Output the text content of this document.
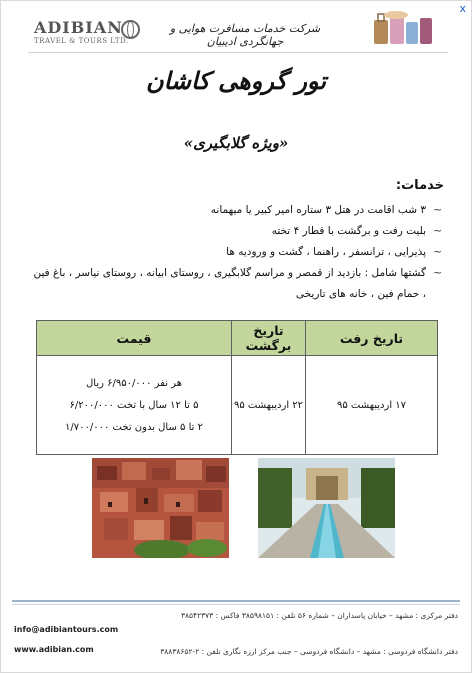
x
ADIBIAN
TRAVEL & TOURS LTD.
شرکت خدمات مسافرت هوایی و جهانگردی ادیبیان
تور گروهی کاشان
«ویژه گلابگیری»
خدمات:
~ ۳ شب اقامت در هتل ۳ ستاره امیر کبیر یا میهمانه
~ بلیت رفت و برگشت با قطار ۴ تخته
~ پذیرایی ، ترانسفر ، راهنما ، گشت و ورودیه ها
~ گشتها شامل : بازدید از قمصر و مراسم گلابگیری ، روستای ابیانه ، روستای نیاسر ، باغ فین ، حمام فین ، خانه های تاریخی
تاریخ رفت	تاریخ برگشت	قیمت
۱۷ اردیبهشت ۹۵	۲۲ اردیبهشت ۹۵	هر نفر ۶/۹۵۰/۰۰۰ ریال
۵ تا ۱۲ سال با تخت ۶/۲۰۰/۰۰۰
۲ تا ۵ سال بدون تخت ۱/۷۰۰/۰۰۰
info@adibiantours.com
www.adibian.com
دفتر مرکزی : مشهد – خیابان پاسداران – شماره ۵۶ تلفن : ۳۸۵۹۸۱۵۱ فاکس : ۳۸۵۴۲۳۷۳
دفتر دانشگاه فردوسی : مشهد – دانشگاه فردوسی – جنب مرکز ارزه نگاری تلفن : ۲-۳۸۸۳۸۶۵۲
